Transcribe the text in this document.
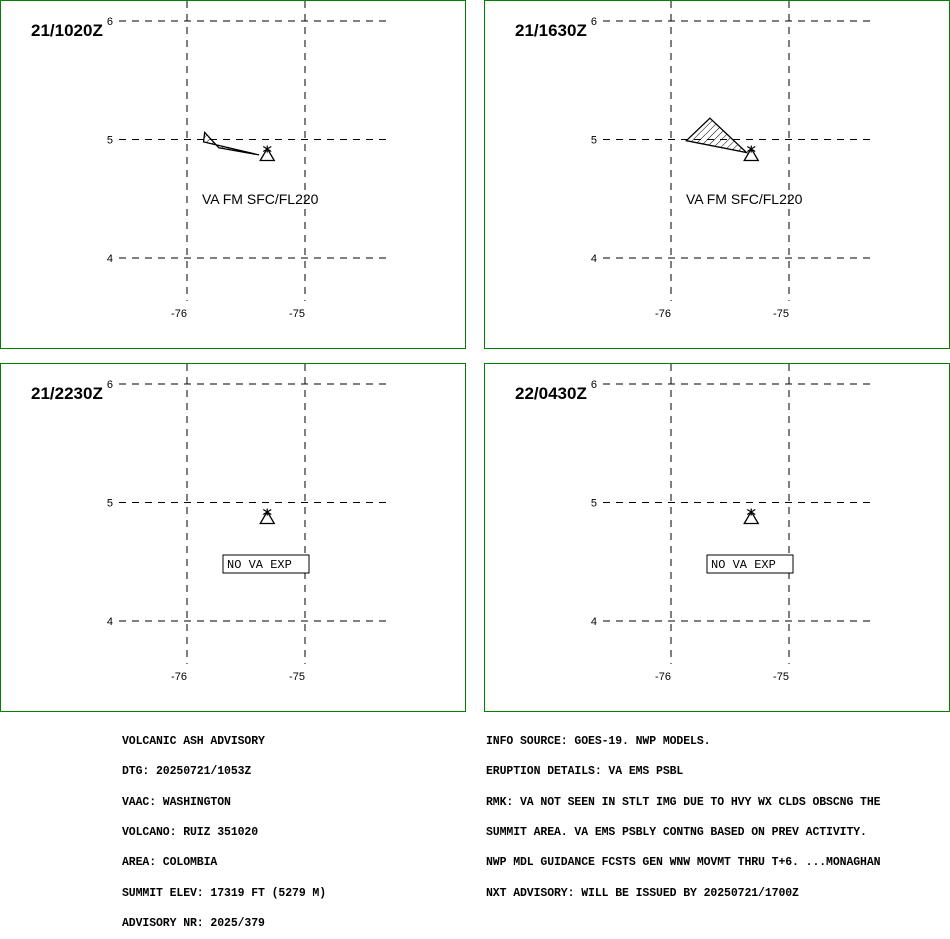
6
5
4
-76	-75
21/1020Z
VA FM SFC/FL220
6
5
4
-76	-75
21/1630Z
VA FM SFC/FL220
6
5
4
-76	-75
21/2230Z
NO VA EXP
6
5
4
-76	-75
22/0430Z
NO VA EXP

VOLCANIC ASH ADVISORY

DTG: 20250721/1053Z

VAAC: WASHINGTON

VOLCANO: RUIZ 351020

AREA: COLOMBIA

SUMMIT ELEV: 17319 FT (5279 M)

ADVISORY NR: 2025/379

INFO SOURCE: GOES-19. NWP MODELS.

ERUPTION DETAILS: VA EMS PSBL

RMK: VA NOT SEEN IN STLT IMG DUE TO HVY WX CLDS OBSCNG THE

SUMMIT AREA. VA EMS PSBLY CONTNG BASED ON PREV ACTIVITY.

NWP MDL GUIDANCE FCSTS GEN WNW MOVMT THRU T+6. ...MONAGHAN

NXT ADVISORY: WILL BE ISSUED BY 20250721/1700Z
